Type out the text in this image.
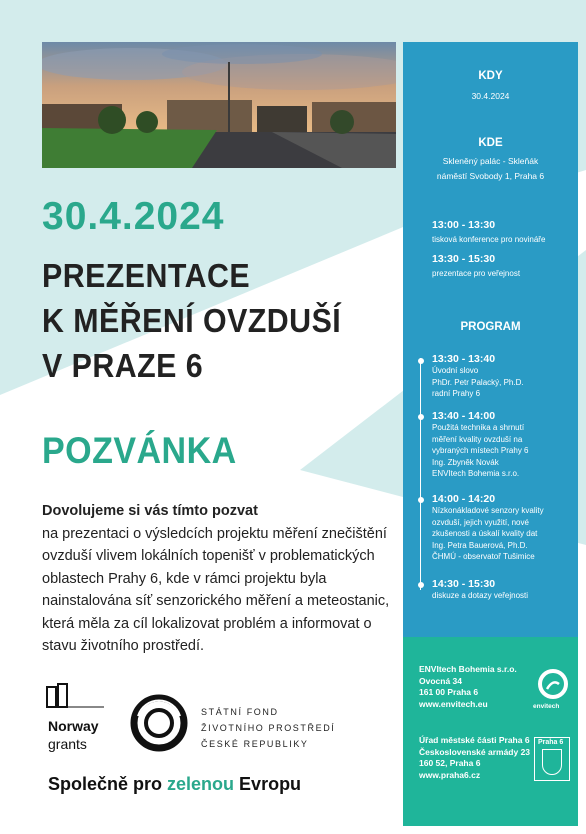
30.4.2024
PREZENTACE
K MĚŘENÍ OVZDUŠÍ
V PRAZE 6
POZVÁNKA
Dovolujeme si vás tímto pozvat
na prezentaci o výsledcích projektu měření znečištění ovzduší vlivem lokálních topenišť v problematických oblastech Prahy 6, kde v rámci projektu byla nainstalována síť senzorického měření a meteostanic, která měla za cíl lokalizovat problém a informovat o stavu životního prostředí.
Norway
grants
STÁTNÍ FOND
ŽIVOTNÍHO PROSTŘEDÍ
ČESKÉ REPUBLIKY
Společně pro zelenou Evropu
KDY
30.4.2024
KDE
Skleněný palác - Skleňák
náměstí Svobody 1, Praha 6
13:00 - 13:30
tisková konference pro novináře
13:30 - 15:30
prezentace pro veřejnost
PROGRAM
13:30 - 13:40
Úvodní slovo
PhDr. Petr Palacký, Ph.D.
radní Prahy 6
13:40 - 14:00
Použitá technika a shrnutí
měření kvality ovzduší na
vybraných místech Prahy 6
Ing. Zbyněk Novák
ENVItech Bohemia s.r.o.
14:00 - 14:20
Nízkonákladové senzory kvality
ozvduší, jejich využití, nové
zkušenosti a úskalí kvality dat
Ing. Petra Bauerová, Ph.D.
ČHMÚ - observatoř Tušimice
14:30 - 15:30
diskuze a dotazy veřejnosti
ENVItech Bohemia s.r.o.
Ovocná 34
161 00 Praha 6
www.envitech.eu	envitech
Úřad městské části Praha 6
Československé armády 23
160 52, Praha 6
www.praha6.cz
Praha 6
